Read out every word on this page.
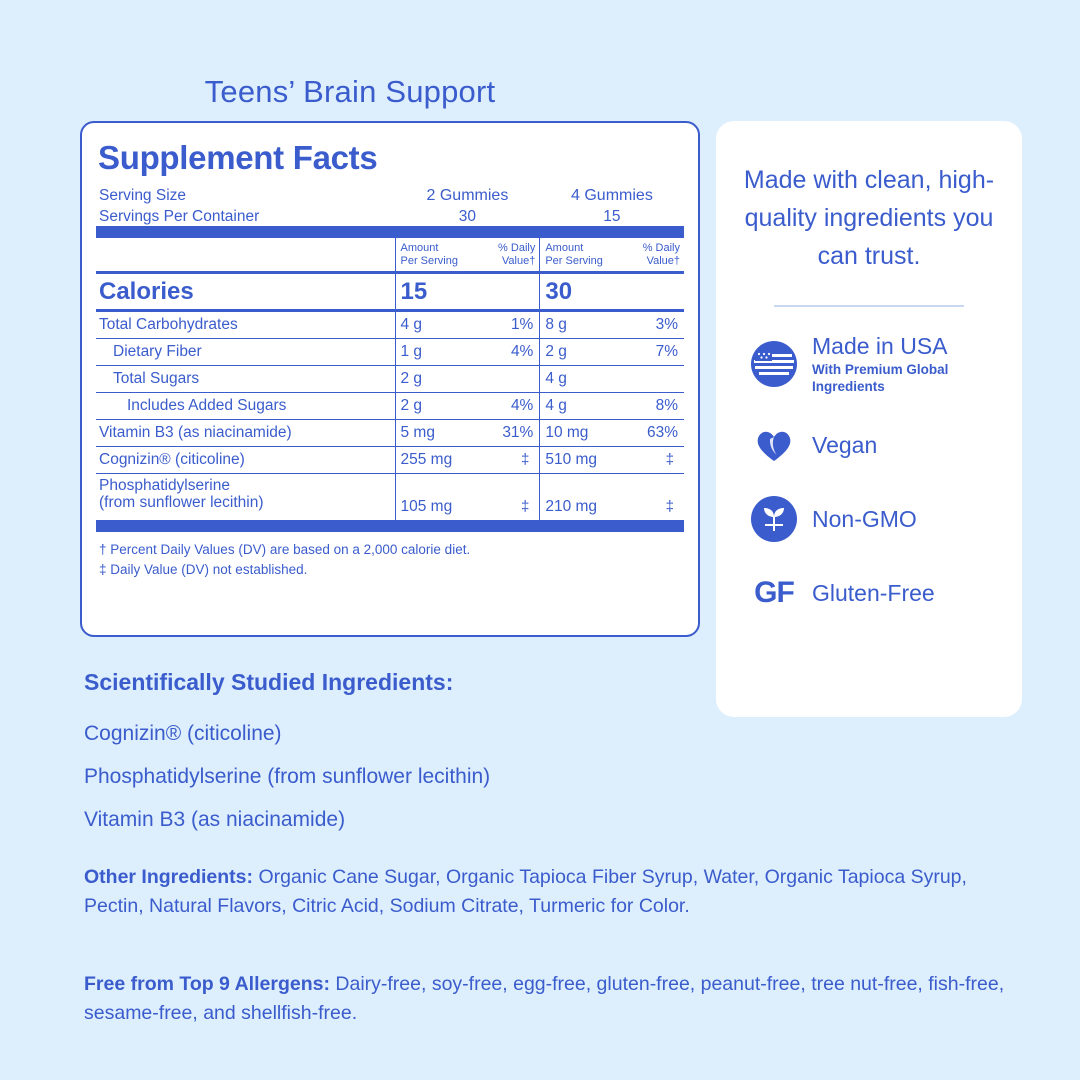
Teens’ Brain Support
Supplement Facts
Serving Size	2 Gummies		4 Gummies	
Servings Per Container	30		15	

	Amount % Daily
Per Serving Value†		Amount % Daily
Per Serving Value†	

Calories	15		30	
Total Carbohydrates	4 g	1%	8 g	3%
Dietary Fiber	1 g	4%	2 g	7%
Total Sugars	2 g		4 g	
Includes Added Sugars	2 g	4%	4 g	8%
Vitamin B3 (as niacinamide)	5 mg	31%	10 mg	63%
Cognizin® (citicoline)	255 mg	‡	510 mg	‡

Phosphatidylserine
(from sunflower lecithin)	105 mg	‡	210 mg	‡
† Percent Daily Values (DV) are based on a 2,000 calorie diet.
‡ Daily Value (DV) not established.
Made with clean, high-quality ingredients you can trust.
Made in USA
With Premium Global Ingredients
Vegan
Non-GMO
GF Gluten-Free
Scientifically Studied Ingredients:
Cognizin® (citicoline)
Phosphatidylserine (from sunflower lecithin)
Vitamin B3 (as niacinamide)
Other Ingredients: Organic Cane Sugar, Organic Tapioca Fiber Syrup, Water, Organic Tapioca Syrup, Pectin, Natural Flavors, Citric Acid, Sodium Citrate, Turmeric for Color.
Free from Top 9 Allergens: Dairy-free, soy-free, egg-free, gluten-free, peanut-free, tree nut-free, fish-free, sesame-free, and shellfish-free.
